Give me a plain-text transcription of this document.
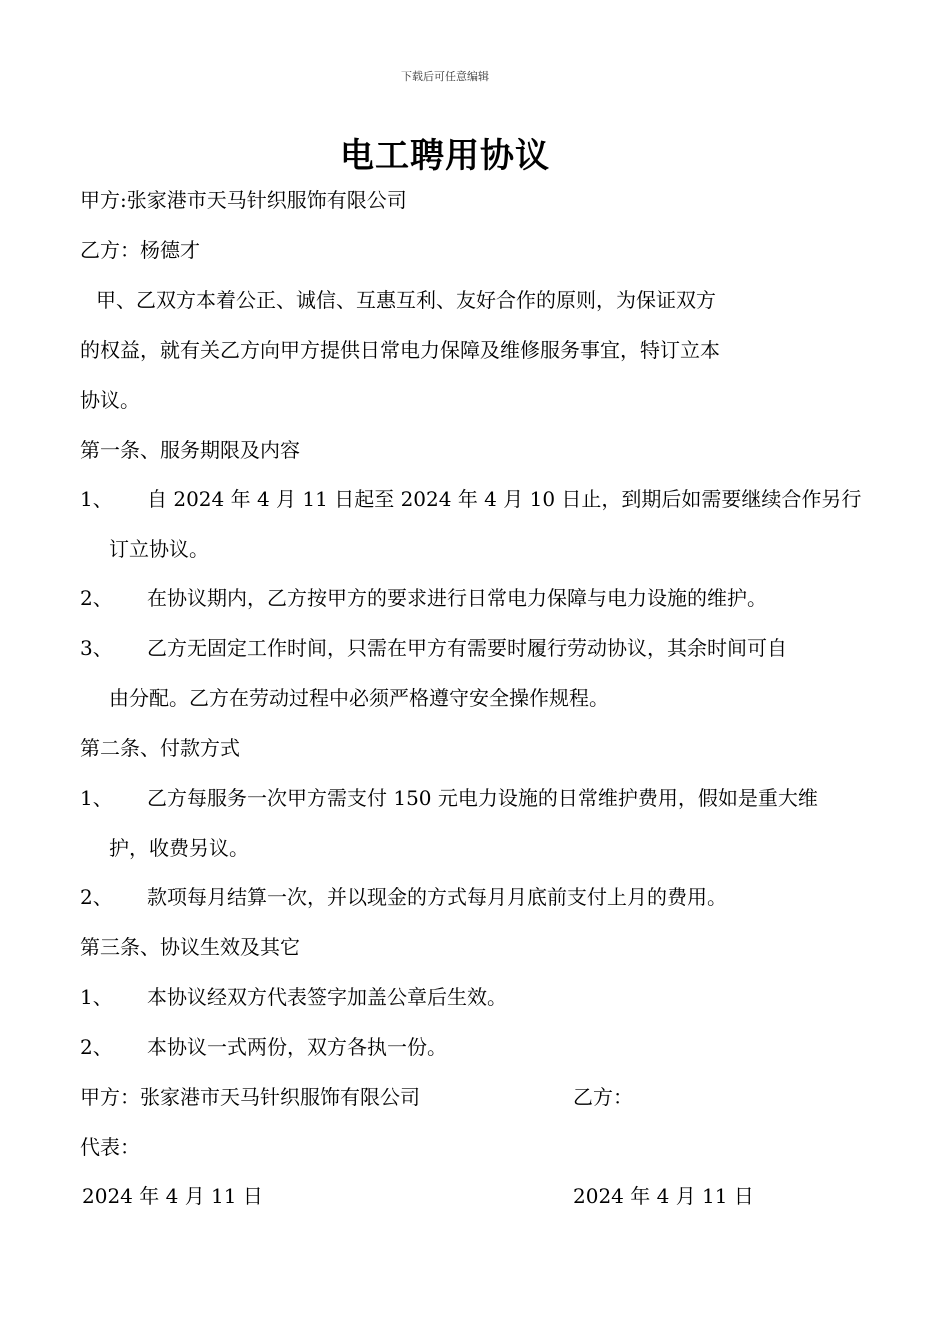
下载后可任意编辑
电工聘用协议
甲方:张家港市天马针织服饰有限公司
乙方：杨德才
甲、乙双方本着公正、诚信、互惠互利、友好合作的原则，为保证双方
的权益，就有关乙方向甲方提供日常电力保障及维修服务事宜，特订立本
协议。
第一条、服务期限及内容
1、 自 2024 年 4 月 11 日起至 2024 年 4 月 10 日止，到期后如需要继续合作另行
订立协议。
2、 在协议期内，乙方按甲方的要求进行日常电力保障与电力设施的维护。
3、 乙方无固定工作时间，只需在甲方有需要时履行劳动协议，其余时间可自
由分配。乙方在劳动过程中必须严格遵守安全操作规程。
第二条、付款方式
1、 乙方每服务一次甲方需支付 150 元电力设施的日常维护费用，假如是重大维
护，收费另议。
2、 款项每月结算一次，并以现金的方式每月月底前支付上月的费用。
第三条、协议生效及其它
1、 本协议经双方代表签字加盖公章后生效。
2、 本协议一式两份，双方各执一份。
甲方：张家港市天马针织服饰有限公司	乙方：
代表：
2024 年 4 月 11 日	2024 年 4 月 11 日
